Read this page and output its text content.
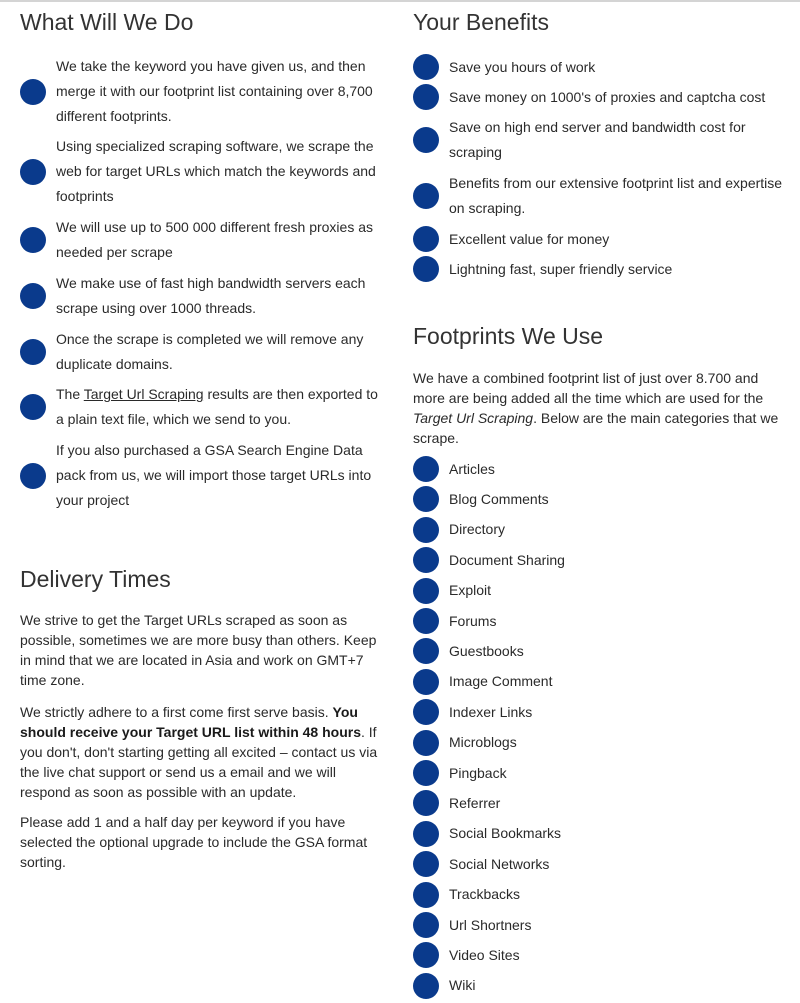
What Will We Do
We take the keyword you have given us, and then merge it with our footprint list containing over 8,700 different footprints.
Using specialized scraping software, we scrape the web for target URLs which match the keywords and footprints
We will use up to 500 000 different fresh proxies as needed per scrape
We make use of fast high bandwidth servers each scrape using over 1000 threads.
Once the scrape is completed we will remove any duplicate domains.
The Target Url Scraping results are then exported to a plain text file, which we send to you.
If you also purchased a GSA Search Engine Data pack from us, we will import those target URLs into your project
Delivery Times

We strive to get the Target URLs scraped as soon as possible, sometimes we are more busy than others. Keep in mind that we are located in Asia and work on GMT+7 time zone.

We strictly adhere to a first come first serve basis. You should receive your Target URL list within 48 hours. If you don't, don't starting getting all excited – contact us via the live chat support or send us a email and we will respond as soon as possible with an update.

Please add 1 and a half day per keyword if you have selected the optional upgrade to include the GSA format sorting.

Your Benefits
Save you hours of work
Save money on 1000's of proxies and captcha cost
Save on high end server and bandwidth cost for scraping
Benefits from our extensive footprint list and expertise on scraping.
Excellent value for money
Lightning fast, super friendly service
Footprints We Use

We have a combined footprint list of just over 8.700 and more are being added all the time which are used for the Target Url Scraping. Below are the main categories that we scrape.

Articles
Blog Comments
Directory
Document Sharing
Exploit
Forums
Guestbooks
Image Comment
Indexer Links
Microblogs
Pingback
Referrer
Social Bookmarks
Social Networks
Trackbacks
Url Shortners
Video Sites
Wiki
